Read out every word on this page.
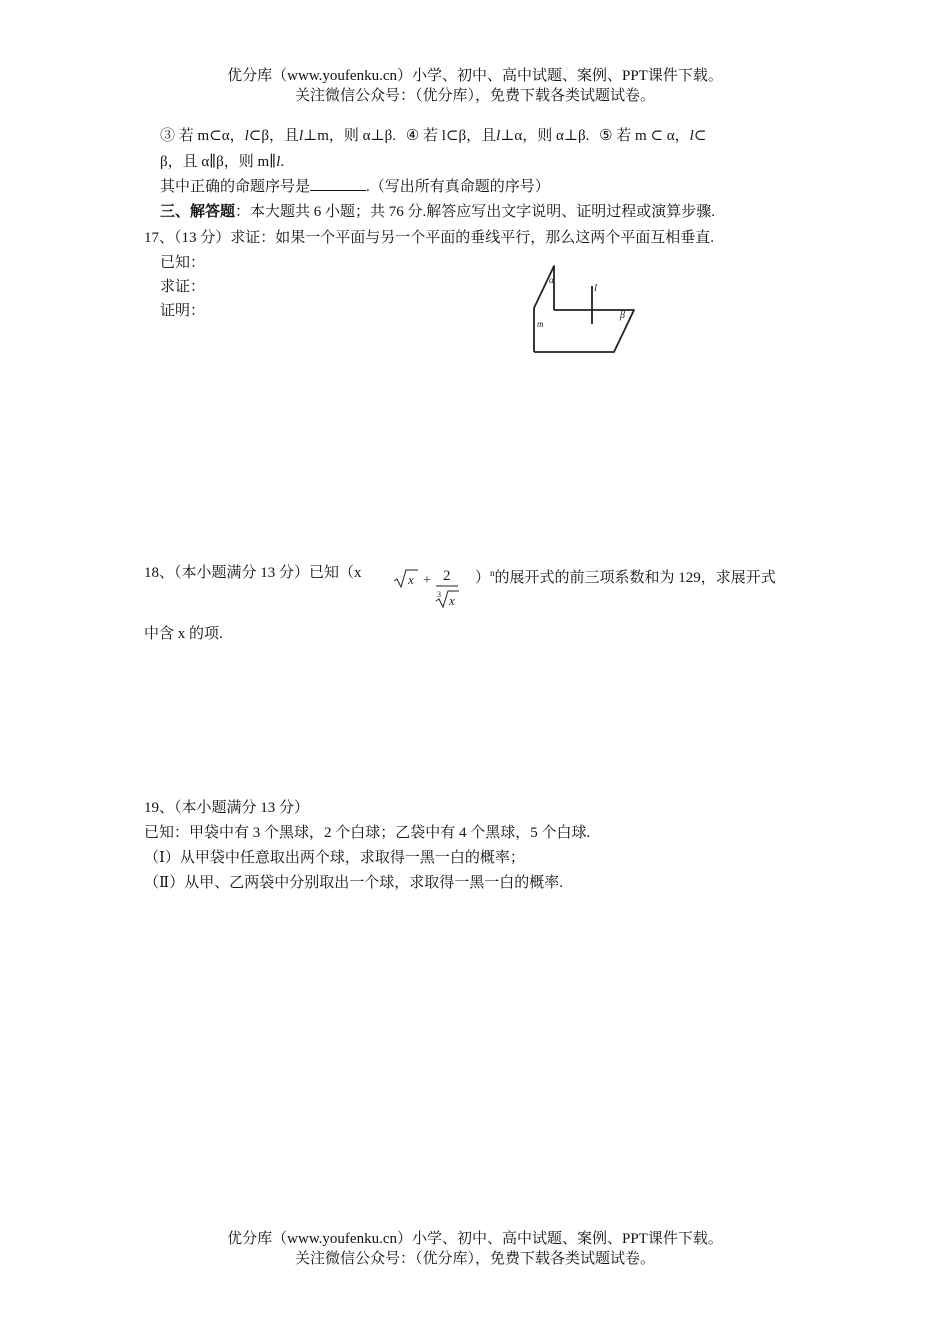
优分库（www.youfenku.cn）小学、初中、高中试题、案例、PPT课件下载。
关注微信公众号：（优分库），免费下载各类试题试卷。
③ 若 m⊂α，l⊂β，且l⊥m，则 α⊥β. ④ 若 l⊂β，且l⊥α，则 α⊥β. ⑤ 若 m ⊂ α，l⊂
β，且 α∥β，则 m∥l.
其中正确的命题序号是	.（写出所有真命题的序号）
三、解答题：本大题共 6 小题；共 76 分.解答应写出文字说明、证明过程或演算步骤.
17、（13 分）求证：如果一个平面与另一个平面的垂线平行，那么这两个平面互相垂直.
已知：
求证：
证明：
α
β
l
m
18、（本小题满分 13 分）已知（x	x + 2
3 x
）$^n$的展开式的前三项系数和为 129，求展开式
中含 x 的项.
19、（本小题满分 13 分）
已知：甲袋中有 3 个黑球，2 个白球；乙袋中有 4 个黑球，5 个白球.
（Ⅰ）从甲袋中任意取出两个球，求取得一黑一白的概率；
（Ⅱ）从甲、乙两袋中分别取出一个球，求取得一黑一白的概率.
优分库（www.youfenku.cn）小学、初中、高中试题、案例、PPT课件下载。
关注微信公众号：（优分库），免费下载各类试题试卷。
